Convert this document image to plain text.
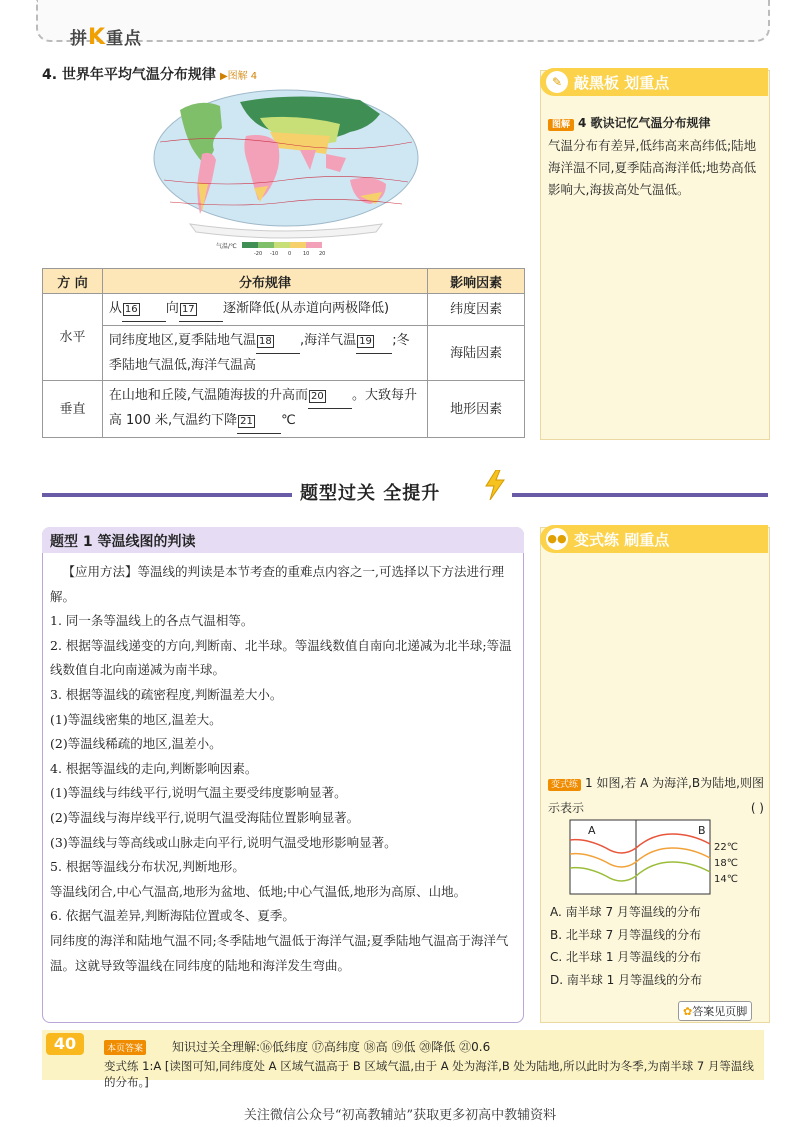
拼K重点
4. 世界年平均气温分布规律 ▶图解 4
气温/℃
-20 -10 0 10 20
方 向	分布规律	影响因素
水平	从 16 向 17 逐渐降低(从赤道向两极降低)	纬度因素
	同纬度地区,夏季陆地气温 18 ,海洋气温 19 ;冬季陆地气温低,海洋气温高	海陆因素
垂直	在山地和丘陵,气温随海拔的升高而 20 。大致每升高 100 米,气温约下降 21 ℃	地形因素
✎ 敲黑板 划重点
图解 4 歌诀记忆气温分布规律
气温分布有差异,低纬高来高纬低;陆地海洋温不同,夏季陆高海洋低;地势高低影响大,海拔高处气温低。
题型过关 全提升
题型 1 等温线图的判读

【应用方法】等温线的判读是本节考查的重难点内容之一,可选择以下方法进行理解。

1. 同一条等温线上的各点气温相等。

2. 根据等温线递变的方向,判断南、北半球。等温线数值自南向北递减为北半球;等温线数值自北向南递减为南半球。

3. 根据等温线的疏密程度,判断温差大小。

(1)等温线密集的地区,温差大。

(2)等温线稀疏的地区,温差小。

4. 根据等温线的走向,判断影响因素。

(1)等温线与纬线平行,说明气温主要受纬度影响显著。

(2)等温线与海岸线平行,说明气温受海陆位置影响显著。

(3)等温线与等高线或山脉走向平行,说明气温受地形影响显著。

5. 根据等温线分布状况,判断地形。

等温线闭合,中心气温高,地形为盆地、低地;中心气温低,地形为高原、山地。

6. 依据气温差异,判断海陆位置或冬、夏季。

同纬度的海洋和陆地气温不同;冬季陆地气温低于海洋气温;夏季陆地气温高于海洋气温。这就导致等温线在同纬度的陆地和海洋发生弯曲。

●● 变式练 刷重点
变式练 1 如图,若 A 为海洋,B为陆地,则图示表示	( )
A	B
22℃
18℃
14℃
A. 南半球 7 月等温线的分布
B. 北半球 7 月等温线的分布
C. 北半球 1 月等温线的分布
D. 南半球 1 月等温线的分布
✿答案见页脚
40	本页答案 知识过关全理解:⑯低纬度 ⑰高纬度 ⑱高 ⑲低 ⑳降低 ㉑0.6
变式练 1:A [读图可知,同纬度处 A 区域气温高于 B 区域气温,由于 A 处为海洋,B 处为陆地,所以此时为冬季,为南半球 7 月等温线的分布。]
关注微信公众号“初高教辅站”获取更多初高中教辅资料
